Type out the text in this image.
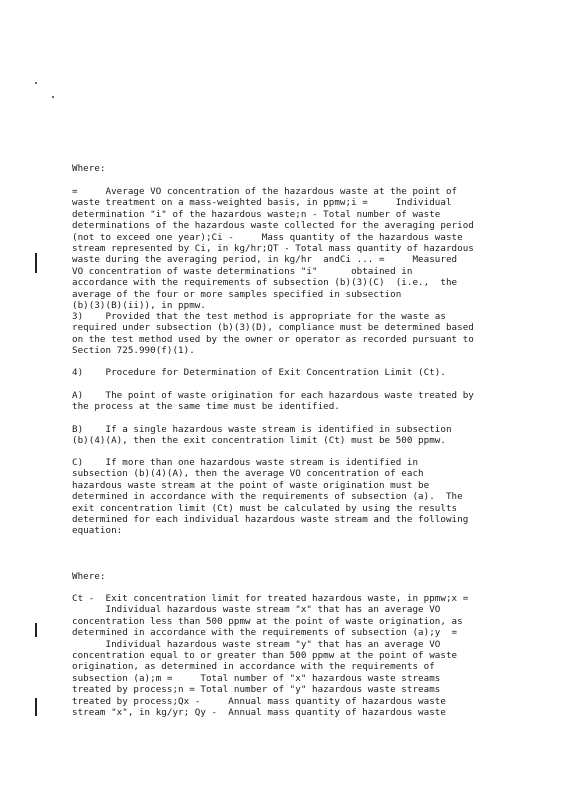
Where:
=     Average VO concentration of the hazardous waste at the point of
waste treatment on a mass-weighted basis, in ppmw;i =     Individual
determination "i" of the hazardous waste;n - Total number of waste
determinations of the hazardous waste collected for the averaging period
(not to exceed one year);Ci -     Mass quantity of the hazardous waste
stream represented by Ci, in kg/hr;QT - Total mass quantity of hazardous
waste during the averaging period, in kg/hr  andCi ... =     Measured
VO concentration of waste determinations "i"      obtained in
accordance with the requirements of subsection (b)(3)(C)  (i.e.,  the
average of the four or more samples specified in subsection
(b)(3)(B)(ii)), in ppmw.
3)    Provided that the test method is appropriate for the waste as
required under subsection (b)(3)(D), compliance must be determined based
on the test method used by the owner or operator as recorded pursuant to
Section 725.990(f)(1).
4)    Procedure for Determination of Exit Concentration Limit (Ct).
A)    The point of waste origination for each hazardous waste treated by
the process at the same time must be identified.
B)    If a single hazardous waste stream is identified in subsection
(b)(4)(A), then the exit concentration limit (Ct) must be 500 ppmw.
C)    If more than one hazardous waste stream is identified in
subsection (b)(4)(A), then the average VO concentration of each
hazardous waste stream at the point of waste origination must be
determined in accordance with the requirements of subsection (a).  The
exit concentration limit (Ct) must be calculated by using the results
determined for each individual hazardous waste stream and the following
equation:
Where:
Ct -  Exit concentration limit for treated hazardous waste, in ppmw;x =
Individual hazardous waste stream "x" that has an average VO
concentration less than 500 ppmw at the point of waste origination, as
determined in accordance with the requirements of subsection (a);y  =
Individual hazardous waste stream "y" that has an average VO
concentration equal to or greater than 500 ppmw at the point of waste
origination, as determined in accordance with the requirements of
subsection (a);m =     Total number of "x" hazardous waste streams
treated by process;n = Total number of "y" hazardous waste streams
treated by process;Qx -     Annual mass quantity of hazardous waste
stream "x", in kg/yr; Qy -  Annual mass quantity of hazardous waste
